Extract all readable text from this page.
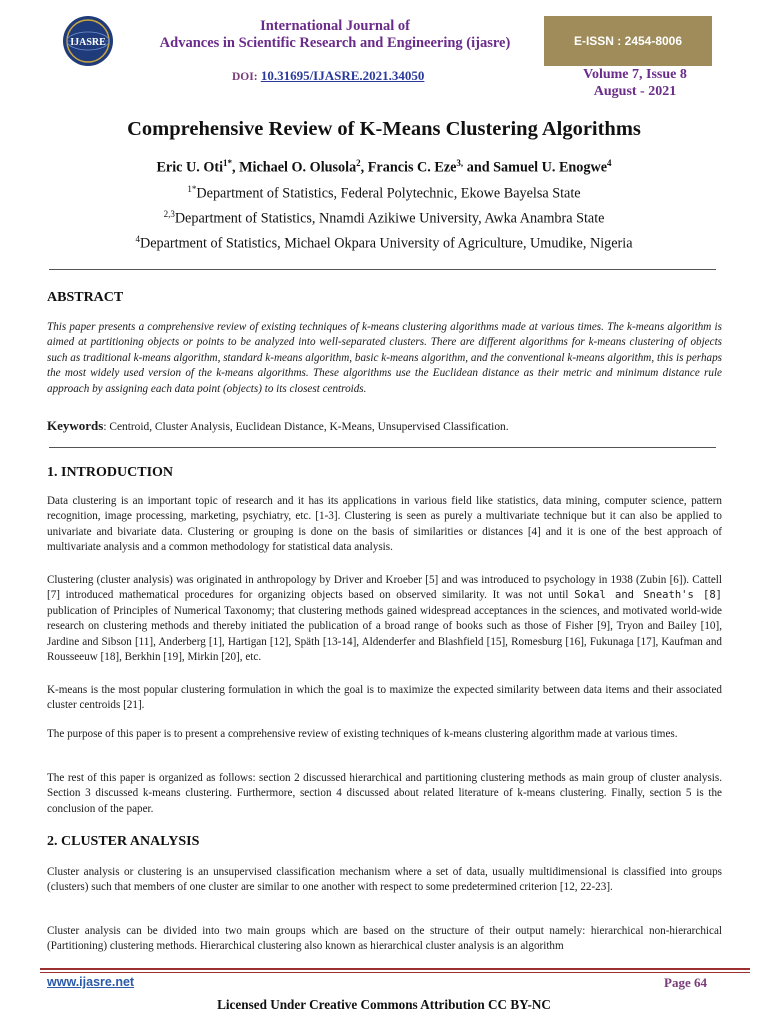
IJASRE
International Journal of
Advances in Scientific Research and Engineering (ijasre)	E-ISSN : 2454-8006
DOI: 10.31695/IJASRE.2021.34050	Volume 7, Issue 8
August - 2021
Comprehensive Review of K-Means Clustering Algorithms
Eric U. Oti$^{1*}$, Michael O. Olusola$^2$, Francis C. Eze$^{3,}$ and Samuel U. Enogwe$^4$
$^{1*}$Department of Statistics, Federal Polytechnic, Ekowe Bayelsa State
$^{2,3}$Department of Statistics, Nnamdi Azikiwe University, Awka Anambra State
$^4$Department of Statistics, Michael Okpara University of Agriculture, Umudike, Nigeria
ABSTRACT
This paper presents a comprehensive review of existing techniques of k-means clustering algorithms made at various times. The k-means algorithm is aimed at partitioning objects or points to be analyzed into well-separated clusters. There are different algorithms for k-means clustering of objects such as traditional k-means algorithm, standard k-means algorithm, basic k-means algorithm, and the conventional k-means algorithm, this is perhaps the most widely used version of the k-means algorithms. These algorithms use the Euclidean distance as their metric and minimum distance rule approach by assigning each data point (objects) to its closest centroids.
Keywords: Centroid, Cluster Analysis, Euclidean Distance, K-Means, Unsupervised Classification.
1. INTRODUCTION
Data clustering is an important topic of research and it has its applications in various field like statistics, data mining, computer science, pattern recognition, image processing, marketing, psychiatry, etc. [1-3]. Clustering is seen as purely a multivariate technique but it can also be applied to univariate and bivariate data. Clustering or grouping is done on the basis of similarities or distances [4] and it is one of the best approach of multivariate analysis and a common methodology for statistical data analysis.
Clustering (cluster analysis) was originated in anthropology by Driver and Kroeber [5] and was introduced to psychology in 1938 (Zubin [6]). Cattell [7] introduced mathematical procedures for organizing objects based on observed similarity. It was not until Sokal and Sneath's [8] publication of Principles of Numerical Taxonomy; that clustering methods gained widespread acceptances in the sciences, and motivated world-wide research on clustering methods and thereby initiated the publication of a broad range of books such as those of Fisher [9], Tryon and Bailey [10], Jardine and Sibson [11], Anderberg [1], Hartigan [12], Spӓth [13-14], Aldenderfer and Blashfield [15], Romesburg [16], Fukunaga [17], Kaufman and Rousseeuw [18], Berkhin [19], Mirkin [20], etc.
K-means is the most popular clustering formulation in which the goal is to maximize the expected similarity between data items and their associated cluster centroids [21].
The purpose of this paper is to present a comprehensive review of existing techniques of k-means clustering algorithm made at various times.
The rest of this paper is organized as follows: section 2 discussed hierarchical and partitioning clustering methods as main group of cluster analysis. Section 3 discussed k-means clustering. Furthermore, section 4 discussed about related literature of k-means clustering. Finally, section 5 is the conclusion of the paper.
2. CLUSTER ANALYSIS
Cluster analysis or clustering is an unsupervised classification mechanism where a set of data, usually multidimensional is classified into groups (clusters) such that members of one cluster are similar to one another with respect to some predetermined criterion [12, 22-23].
Cluster analysis can be divided into two main groups which are based on the structure of their output namely: hierarchical non-hierarchical (Partitioning) clustering methods. Hierarchical clustering also known as hierarchical cluster analysis is an algorithm
www.ijasre.net	Page 64
Licensed Under Creative Commons Attribution CC BY-NC
